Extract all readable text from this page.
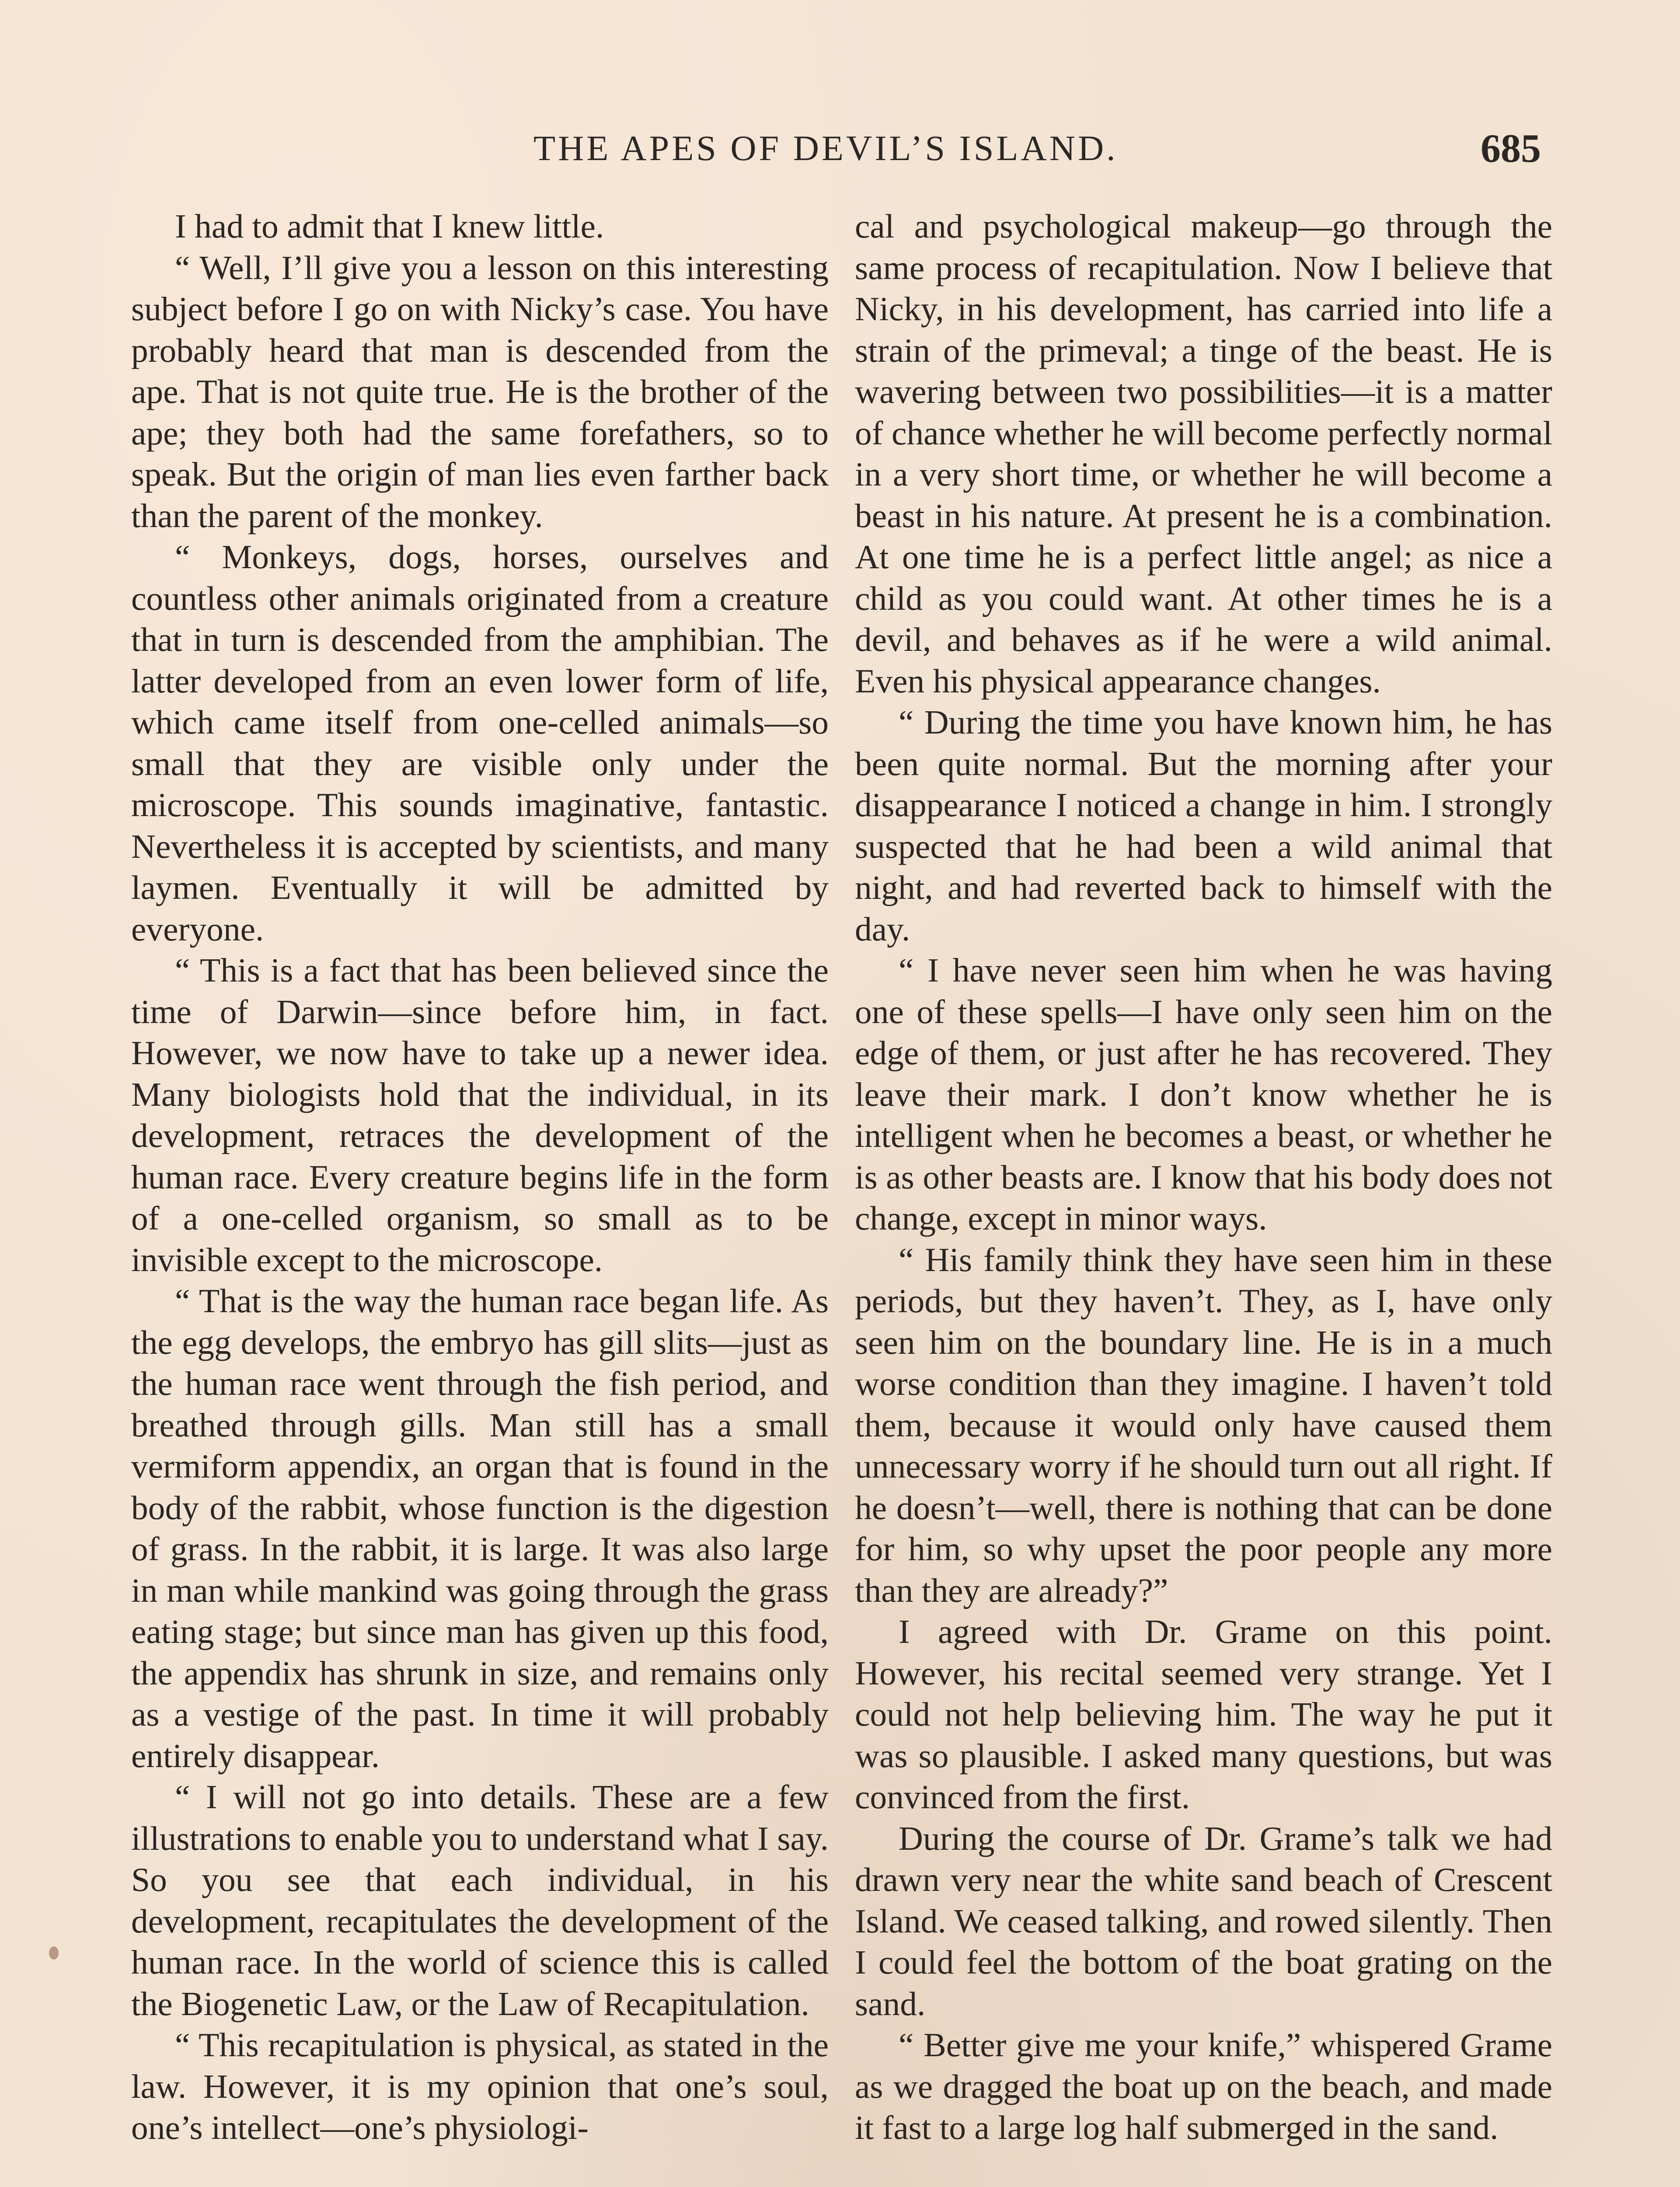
THE APES OF DEVIL’S ISLAND.	685

I had to admit that I knew little.

“ Well, I’ll give you a lesson on this interesting subject before I go on with Nicky’s case. You have probably heard that man is descended from the ape. That is not quite true. He is the brother of the ape; they both had the same forefathers, so to speak. But the origin of man lies even farther back than the parent of the monkey.

“ Monkeys, dogs, horses, ourselves and countless other animals originated from a creature that in turn is descended from the amphibian. The latter developed from an even lower form of life, which came itself from one-celled animals—so small that they are visible only under the microscope. This sounds imaginative, fantastic. Nevertheless it is accepted by scientists, and many laymen. Eventually it will be admitted by everyone.

“ This is a fact that has been believed since the time of Darwin—since before him, in fact. However, we now have to take up a newer idea. Many biologists hold that the individual, in its development, retraces the development of the human race. Every creature begins life in the form of a one-celled organism, so small as to be invisible except to the microscope.

“ That is the way the human race began life. As the egg develops, the embryo has gill slits—just as the human race went through the fish period, and breathed through gills. Man still has a small vermiform appendix, an organ that is found in the body of the rabbit, whose function is the digestion of grass. In the rabbit, it is large. It was also large in man while mankind was going through the grass eating stage; but since man has given up this food, the appendix has shrunk in size, and remains only as a vestige of the past. In time it will probably entirely disappear.

“ I will not go into details. These are a few illustrations to enable you to understand what I say. So you see that each individual, in his development, recapitulates the development of the human race. In the world of science this is called the Biogenetic Law, or the Law of Recapitulation.

“ This recapitulation is physical, as stated in the law. However, it is my opinion that one’s soul, one’s intellect—one’s physiologi-

cal and psychological makeup—go through the same process of recapitulation. Now I believe that Nicky, in his development, has carried into life a strain of the primeval; a tinge of the beast. He is wavering between two possibilities—it is a matter of chance whether he will become perfectly normal in a very short time, or whether he will become a beast in his nature. At present he is a combination. At one time he is a perfect little angel; as nice a child as you could want. At other times he is a devil, and behaves as if he were a wild animal. Even his physical appearance changes.

“ During the time you have known him, he has been quite normal. But the morning after your disappearance I noticed a change in him. I strongly suspected that he had been a wild animal that night, and had reverted back to himself with the day.

“ I have never seen him when he was having one of these spells—I have only seen him on the edge of them, or just after he has recovered. They leave their mark. I don’t know whether he is intelligent when he becomes a beast, or whether he is as other beasts are. I know that his body does not change, except in minor ways.

“ His family think they have seen him in these periods, but they haven’t. They, as I, have only seen him on the boundary line. He is in a much worse condition than they imagine. I haven’t told them, because it would only have caused them unnecessary worry if he should turn out all right. If he doesn’t—well, there is nothing that can be done for him, so why upset the poor people any more than they are already?”

I agreed with Dr. Grame on this point. However, his recital seemed very strange. Yet I could not help believing him. The way he put it was so plausible. I asked many questions, but was convinced from the first.

During the course of Dr. Grame’s talk we had drawn very near the white sand beach of Crescent Island. We ceased talking, and rowed silently. Then I could feel the bottom of the boat grating on the sand.

“ Better give me your knife,” whispered Grame as we dragged the boat up on the beach, and made it fast to a large log half submerged in the sand.
